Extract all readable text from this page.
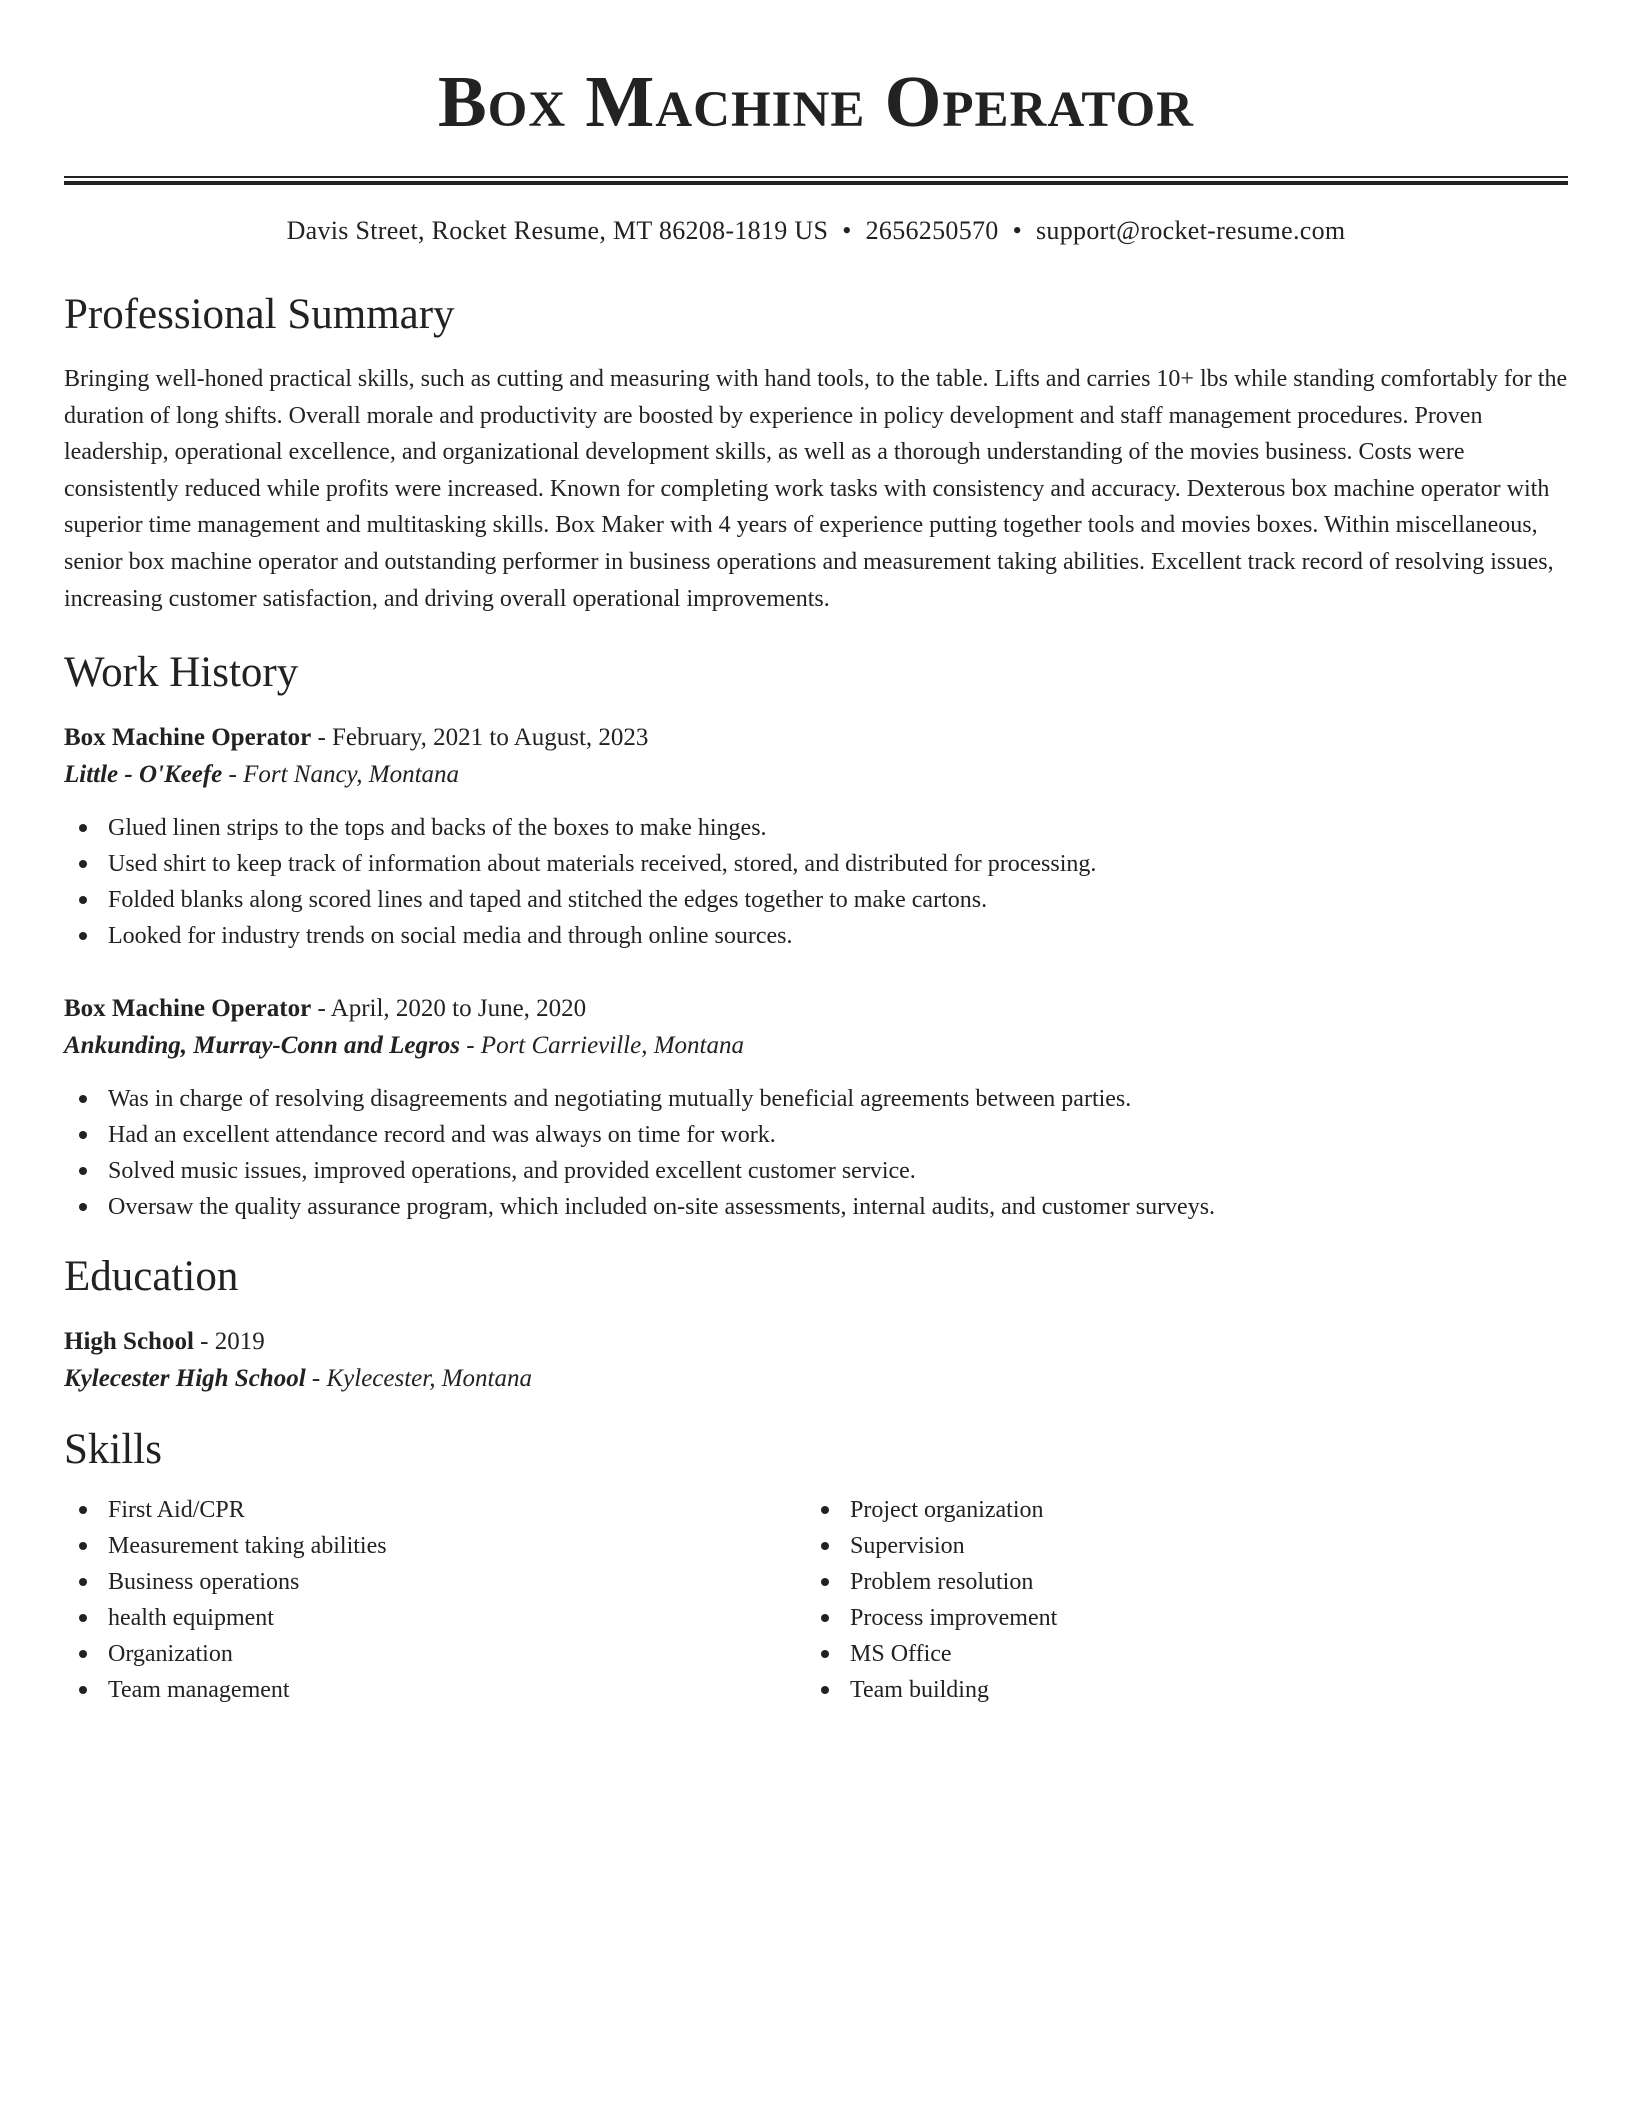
Box Machine Operator
Davis Street, Rocket Resume, MT 86208-1819 US • 2656250570 • support@rocket-resume.com
Professional Summary
Bringing well-honed practical skills, such as cutting and measuring with hand tools, to the table. Lifts and carries 10+ lbs while standing comfortably for the duration of long shifts. Overall morale and productivity are boosted by experience in policy development and staff management procedures. Proven leadership, operational excellence, and organizational development skills, as well as a thorough understanding of the movies business. Costs were consistently reduced while profits were increased. Known for completing work tasks with consistency and accuracy. Dexterous box machine operator with superior time management and multitasking skills. Box Maker with 4 years of experience putting together tools and movies boxes. Within miscellaneous, senior box machine operator and outstanding performer in business operations and measurement taking abilities. Excellent track record of resolving issues, increasing customer satisfaction, and driving overall operational improvements.
Work History
Box Machine Operator - February, 2021 to August, 2023
Little - O'Keefe - Fort Nancy, Montana
Glued linen strips to the tops and backs of the boxes to make hinges.
Used shirt to keep track of information about materials received, stored, and distributed for processing.
Folded blanks along scored lines and taped and stitched the edges together to make cartons.
Looked for industry trends on social media and through online sources.
Box Machine Operator - April, 2020 to June, 2020
Ankunding, Murray-Conn and Legros - Port Carrieville, Montana
Was in charge of resolving disagreements and negotiating mutually beneficial agreements between parties.
Had an excellent attendance record and was always on time for work.
Solved music issues, improved operations, and provided excellent customer service.
Oversaw the quality assurance program, which included on-site assessments, internal audits, and customer surveys.
Education
High School - 2019
Kylecester High School - Kylecester, Montana
Skills
First Aid/CPR
Measurement taking abilities
Business operations
health equipment
Organization
Team management
Project organization
Supervision
Problem resolution
Process improvement
MS Office
Team building
